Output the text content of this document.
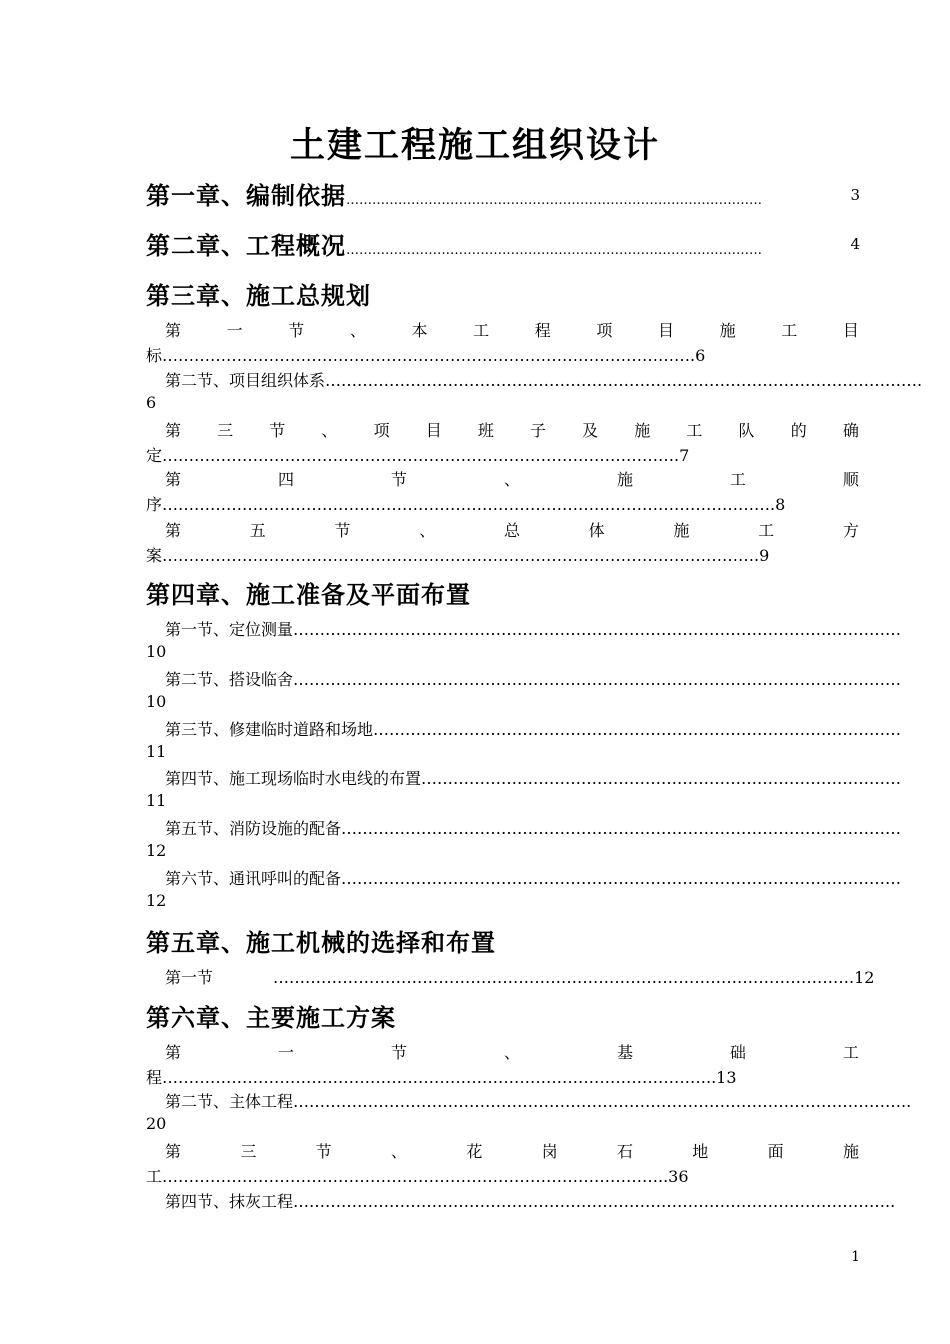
土建工程施工组织设计
第一章、编制依据……………………………………………………………………………………	3
第二章、工程概况……………………………………………………………………………………	4
第三章、施工总规划
第	一	节	、	本	工	程	项	目	施	工	目
标……………………………………………………………………………………….6
第二节、项目组织体系………………………………………………………………………………………………….
6
第 三 节 、 项 目 班 子 及 施 工 队 的 确
定…………………………………………………………………………………….7
第	四	节	、	施	工	顺
序…………………………………………………………………………………………………….8
第	五	节	、	总	体	施	工	方
案………………………………………………………………………………………………….9
第四章、施工准备及平面布置
第一节、定位测量……………………………………………………………………………………………………
10
第二节、搭设临舍……………………………………………………………………………………………………
10
第三节、修建临时道路和场地………………………………………………………………………………………
11
第四节、施工现场临时水电线的布置………………………………………………………………………………
11
第五节、消防设施的配备……………………………………………………………………………………………
12
第六节、通讯呼叫的配备……………………………………………………………………………………………
12
第五章、施工机械的选择和布置
第一节	……………………………………………………………………………………………….12
第六章、主要施工方案
第	一	节	、	基	础	工
程…………………………………………………………………………………………..13
第二节、主体工程……………………………………………………………………………………………………..
20
第	三	节	、	花	岗	石	地	面	施
工…………………………………………………………………………………..36
第四节、抹灰工程…………………………………………………………………………………………………..
1
